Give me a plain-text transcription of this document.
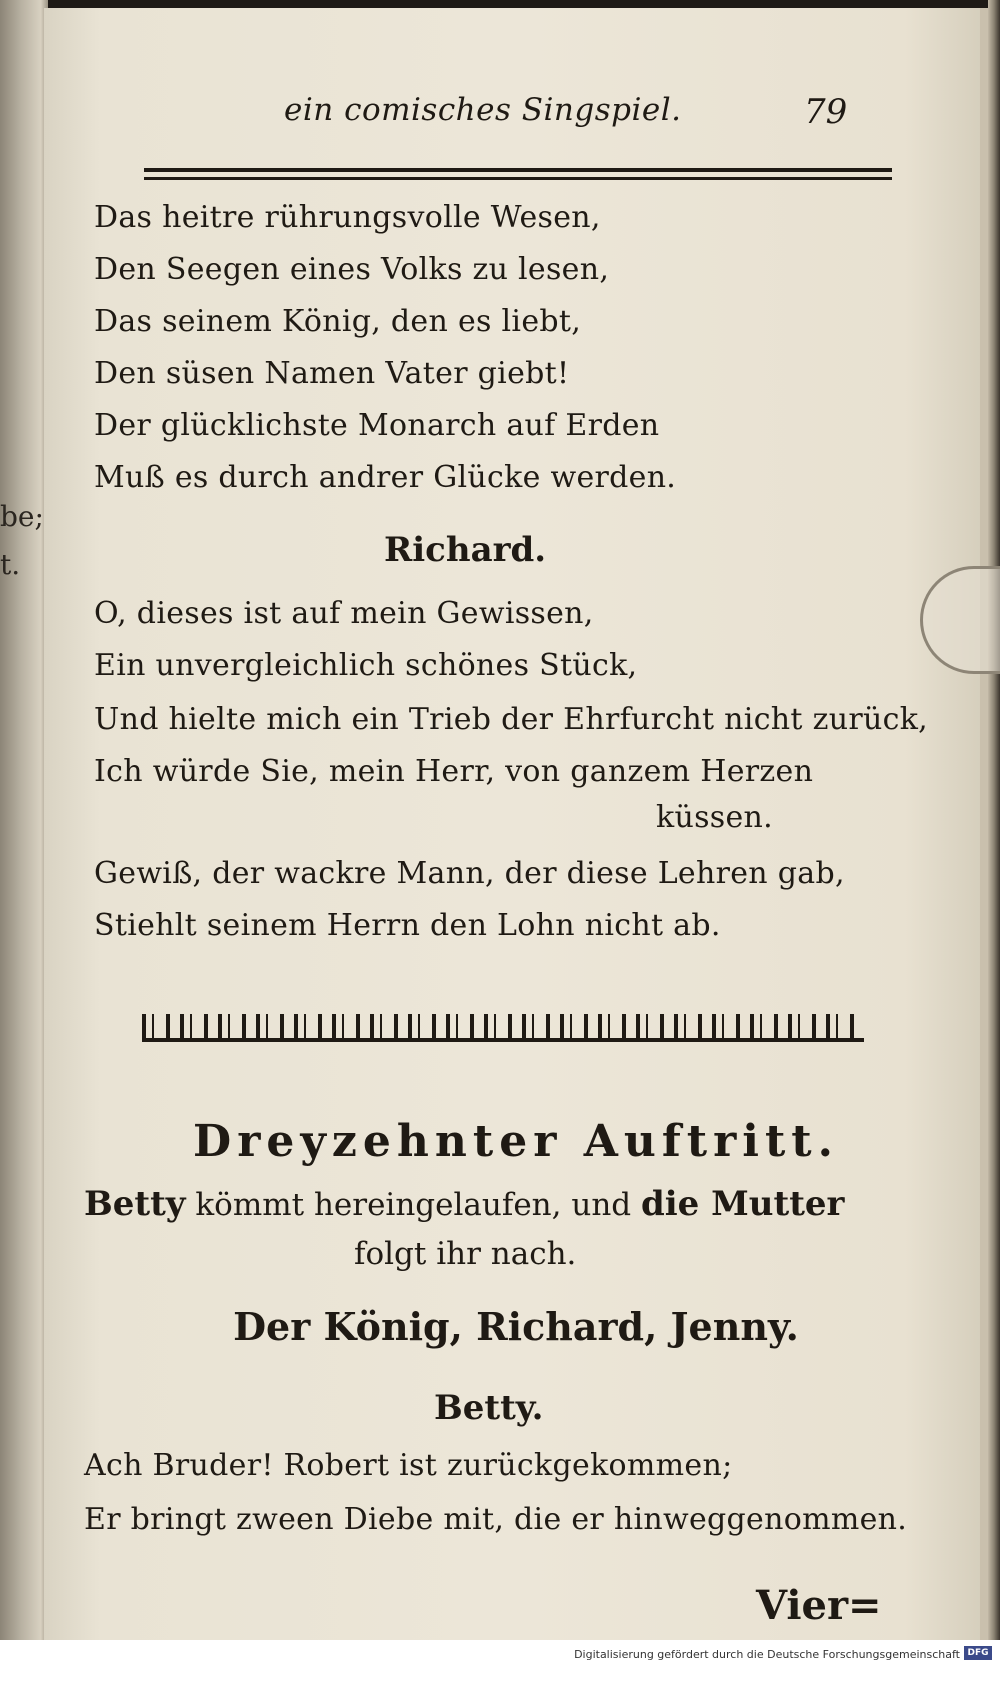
be;
t.
ein comisches Singspiel.	79
Das heitre rührungsvolle Wesen,
Den Seegen eines Volks zu lesen,
Das seinem König, den es liebt,
Den süsen Namen Vater giebt!
Der glücklichste Monarch auf Erden
Muß es durch andrer Glücke werden.
Richard.
O, dieses ist auf mein Gewissen,
Ein unvergleichlich schönes Stück,
Und hielte mich ein Trieb der Ehrfurcht nicht zurück,
Ich würde Sie, mein Herr, von ganzem Herzen
küssen.
Gewiß, der wackre Mann, der diese Lehren gab,
Stiehlt seinem Herrn den Lohn nicht ab.
Dreyzehnter Auftritt.
Betty kömmt hereingelaufen, und die Mutter
folgt ihr nach.
Der König, Richard, Jenny.
Betty.
Ach Bruder! Robert ist zurückgekommen;
Er bringt zween Diebe mit, die er hinweggenommen.
Vier=
Digitalisierung gefördert durch die Deutsche Forschungsgemeinschaft DFG
